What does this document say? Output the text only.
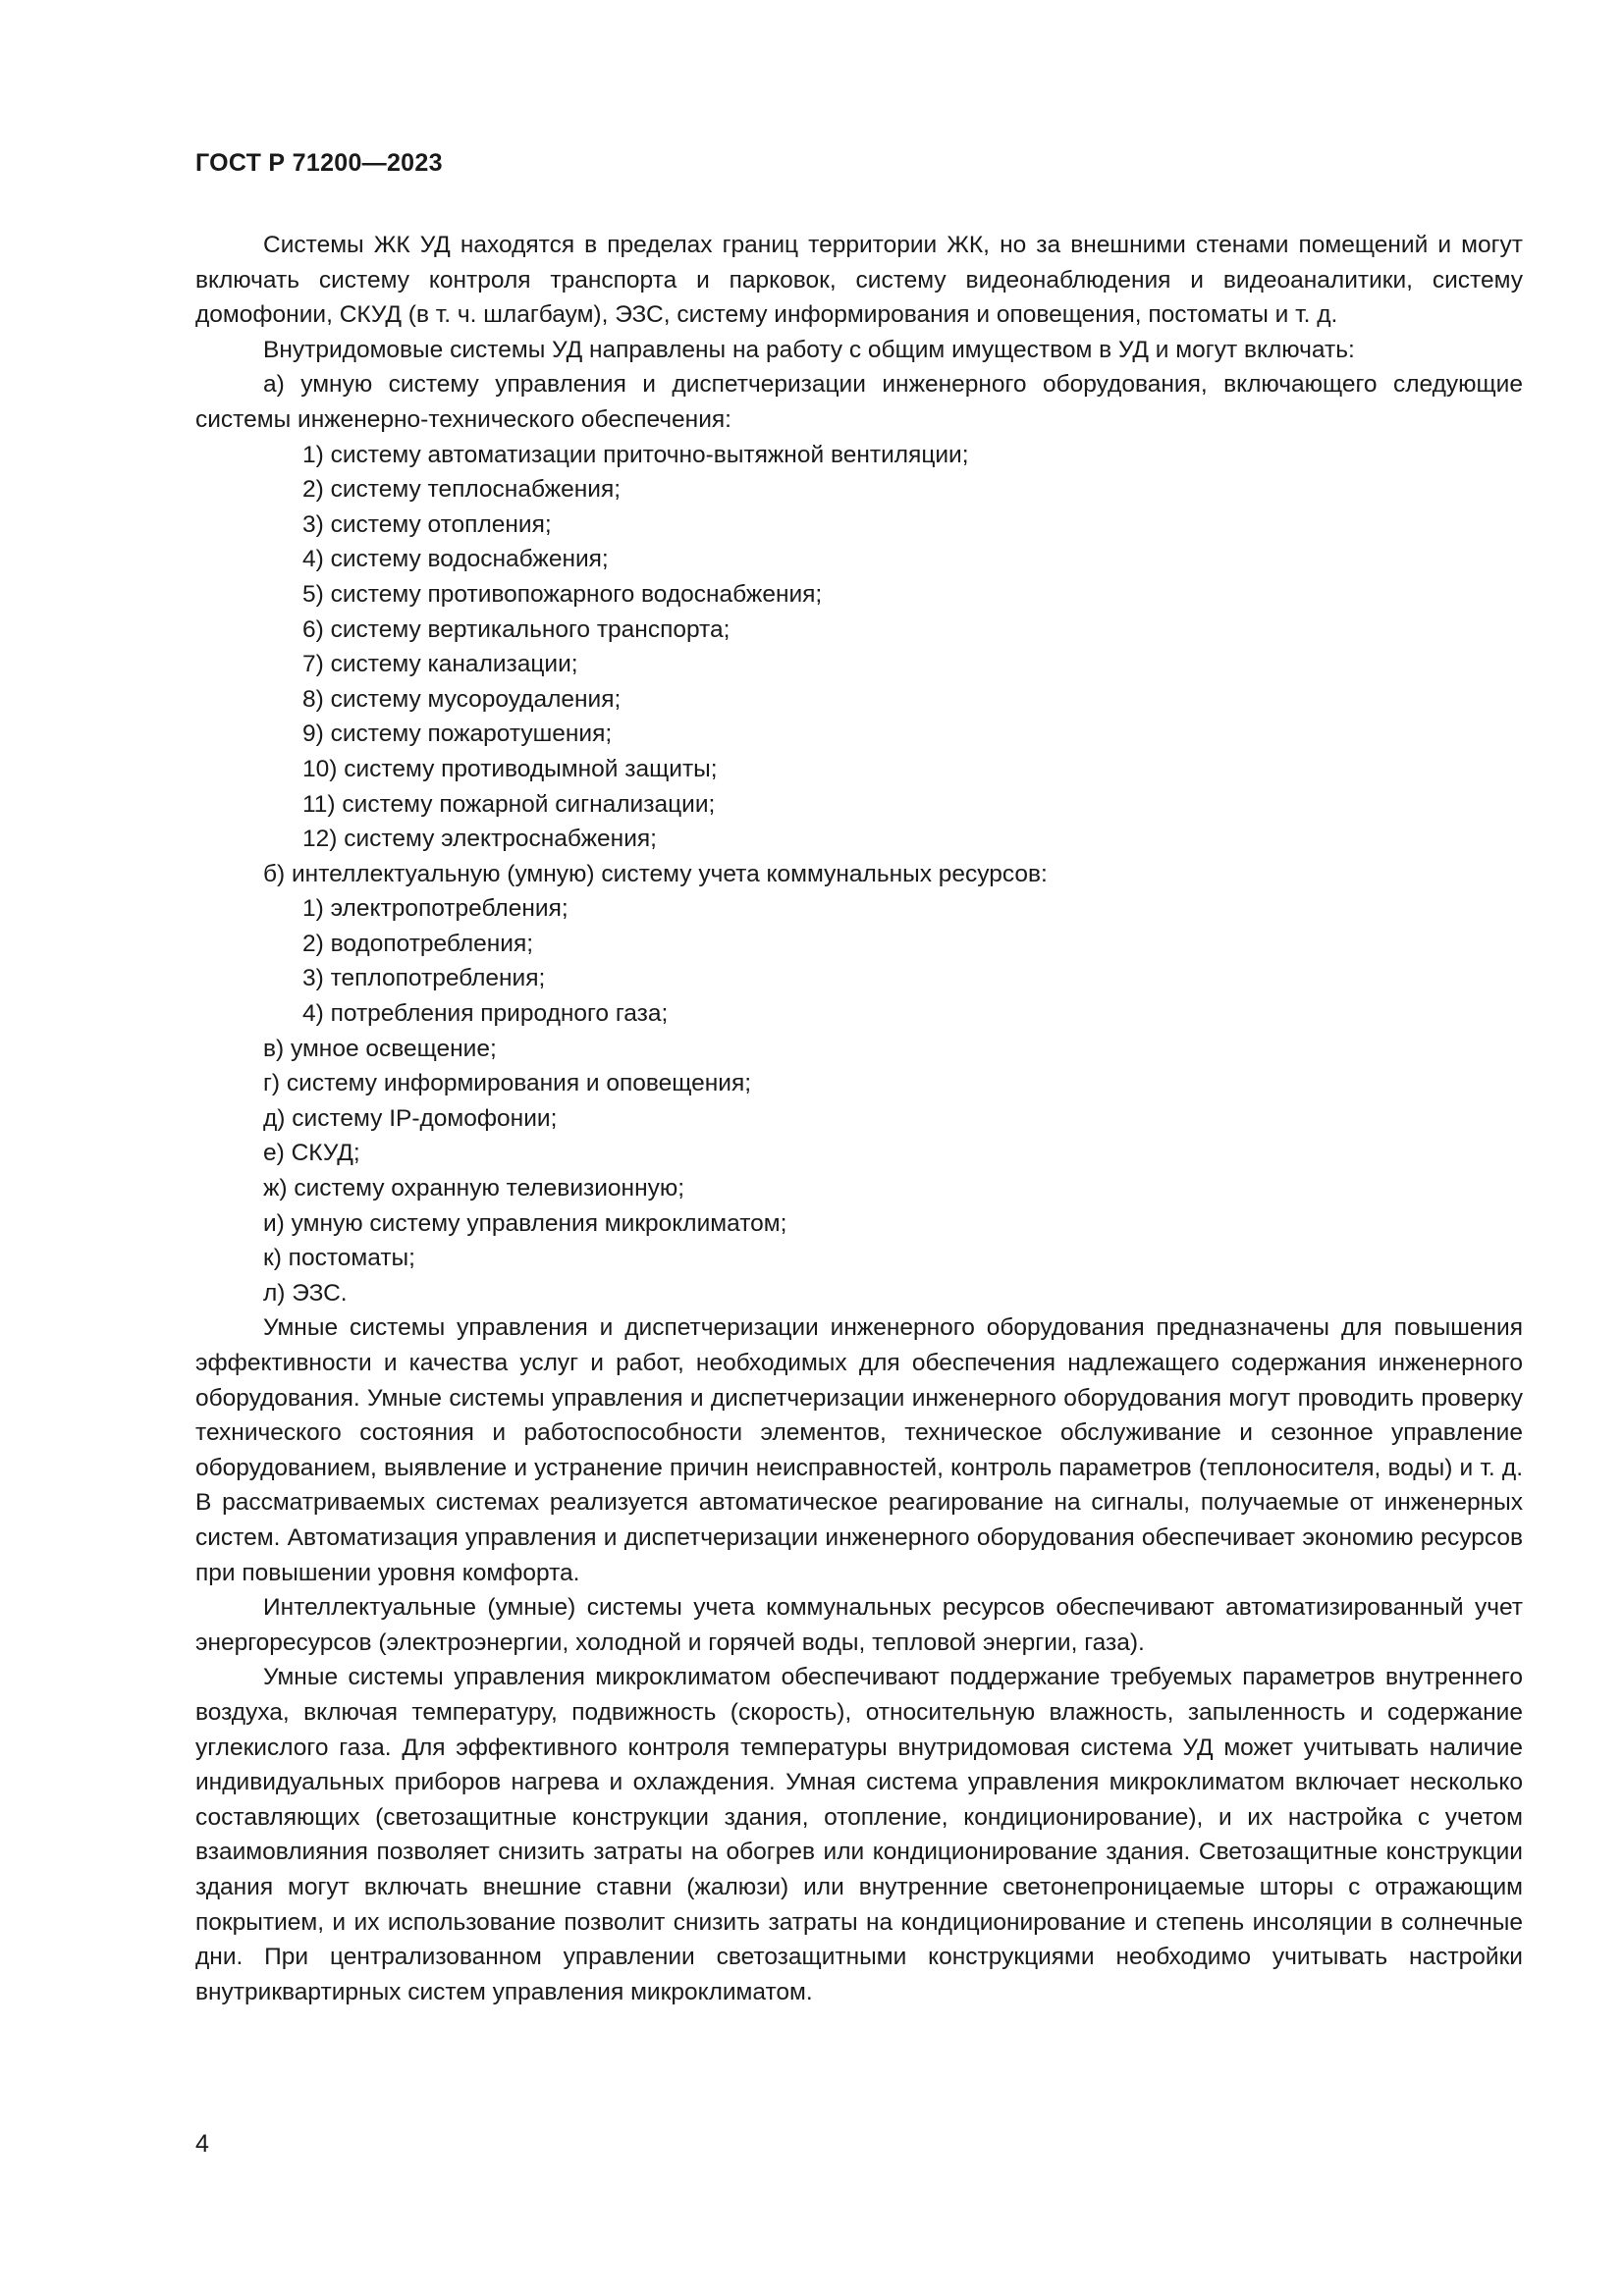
ГОСТ Р 71200—2023

Системы ЖК УД находятся в пределах границ территории ЖК, но за внешними стенами помещений и могут включать систему контроля транспорта и парковок, систему видеонаблюдения и видеоаналитики, систему домофонии, СКУД (в т. ч. шлагбаум), ЭЗС, систему информирования и оповещения, постоматы и т. д.

Внутридомовые системы УД направлены на работу с общим имуществом в УД и могут включать:

а) умную систему управления и диспетчеризации инженерного оборудования, включающего следующие системы инженерно-технического обеспечения:

1) систему автоматизации приточно-вытяжной вентиляции;

2) систему теплоснабжения;

3) систему отопления;

4) систему водоснабжения;

5) систему противопожарного водоснабжения;

6) систему вертикального транспорта;

7) систему канализации;

8) систему мусороудаления;

9) систему пожаротушения;

10) систему противодымной защиты;

11) систему пожарной сигнализации;

12) систему электроснабжения;

б) интеллектуальную (умную) систему учета коммунальных ресурсов:

1) электропотребления;

2) водопотребления;

3) теплопотребления;

4) потребления природного газа;

в) умное освещение;

г) систему информирования и оповещения;

д) систему IP-домофонии;

е) СКУД;

ж) систему охранную телевизионную;

и) умную систему управления микроклиматом;

к) постоматы;

л) ЭЗС.

Умные системы управления и диспетчеризации инженерного оборудования предназначены для повышения эффективности и качества услуг и работ, необходимых для обеспечения надлежащего содержания инженерного оборудования. Умные системы управления и диспетчеризации инженерного оборудования могут проводить проверку технического состояния и работоспособности элементов, техническое обслуживание и сезонное управление оборудованием, выявление и устранение причин неисправностей, контроль параметров (теплоносителя, воды) и т. д. В рассматриваемых системах реализуется автоматическое реагирование на сигналы, получаемые от инженерных систем. Автоматизация управления и диспетчеризации инженерного оборудования обеспечивает экономию ресурсов при повышении уровня комфорта.

Интеллектуальные (умные) системы учета коммунальных ресурсов обеспечивают автоматизированный учет энергоресурсов (электроэнергии, холодной и горячей воды, тепловой энергии, газа).

Умные системы управления микроклиматом обеспечивают поддержание требуемых параметров внутреннего воздуха, включая температуру, подвижность (скорость), относительную влажность, запыленность и содержание углекислого газа. Для эффективного контроля температуры внутридомовая система УД может учитывать наличие индивидуальных приборов нагрева и охлаждения. Умная система управления микроклиматом включает несколько составляющих (светозащитные конструкции здания, отопление, кондиционирование), и их настройка с учетом взаимовлияния позволяет снизить затраты на обогрев или кондиционирование здания. Светозащитные конструкции здания могут включать внешние ставни (жалюзи) или внутренние светонепроницаемые шторы с отражающим покрытием, и их использование позволит снизить затраты на кондиционирование и степень инсоляции в солнечные дни. При централизованном управлении светозащитными конструкциями необходимо учитывать настройки внутриквартирных систем управления микроклиматом.

4
